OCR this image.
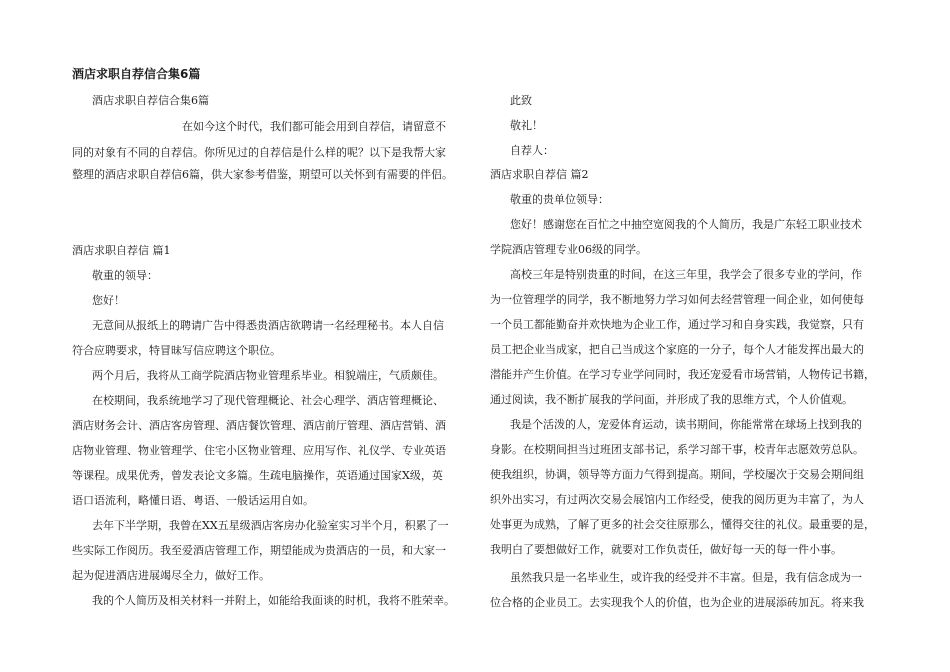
酒店求职自荐信合集6篇
酒店求职自荐信合集6篇
在如今这个时代，我们都可能会用到自荐信，请留意不
同的对象有不同的自荐信。你所见过的自荐信是什么样的呢？以下是我帮大家
整理的酒店求职自荐信6篇，供大家参考借鉴，期望可以关怀到有需要的伴侣。
酒店求职自荐信 篇1
敬重的领导：
您好！
无意间从报纸上的聘请广告中得悉贵酒店欲聘请一名经理秘书。本人自信
符合应聘要求，特冒昧写信应聘这个职位。
两个月后，我将从工商学院酒店物业管理系毕业。相貌端庄，气质颇佳。
在校期间，我系统地学习了现代管理概论、社会心理学、酒店管理概论、
酒店财务会计、酒店客房管理、酒店餐饮管理、酒店前厅管理、酒店营销、酒
店物业管理、物业管理学、住宅小区物业管理、应用写作、礼仪学、专业英语
等课程。成果优秀，曾发表论文多篇。生疏电脑操作，英语通过国家X级，英
语口语流利，略懂日语、粤语、一般话运用自如。
去年下半学期，我曾在XX五星级酒店客房办化验室实习半个月，积累了一
些实际工作阅历。我至爱酒店管理工作，期望能成为贵酒店的一员，和大家一
起为促进酒店进展竭尽全力，做好工作。
我的个人简历及相关材料一并附上，如能给我面谈的时机，我将不胜荣幸。
此致
敬礼！
自荐人：
酒店求职自荐信 篇2
敬重的贵单位领导：
您好！感谢您在百忙之中抽空宽阅我的个人简历，我是广东轻工职业技术
学院酒店管理专业06级的同学。
高校三年是特别贵重的时间，在这三年里，我学会了很多专业的学问，作
为一位管理学的同学，我不断地努力学习如何去经营管理一间企业，如何使每
一个员工都能勤奋并欢快地为企业工作，通过学习和自身实践，我觉察，只有
员工把企业当成家，把自己当成这个家庭的一分子，每个人才能发挥出最大的
潜能并产生价值。在学习专业学问同时，我还宠爱看市场营销，人物传记书籍，
通过阅读，我不断扩展我的学问面，并形成了我的思维方式，个人价值观。
我是个活泼的人，宠爱体育运动，读书期间，你能常常在球场上找到我的
身影。在校期间担当过班团支部书记，系学习部干事，校青年志愿效劳总队。
使我组织，协调，领导等方面力气得到提高。期间，学校屡次于交易会期间组
织外出实习，有过两次交易会展馆内工作经受，使我的阅历更为丰富了，为人
处事更为成熟，了解了更多的社会交往原那么，懂得交往的礼仪。最重要的是，
我明白了要想做好工作，就要对工作负责任，做好每一天的每一件小事。
虽然我只是一名毕业生，或许我的经受并不丰富。但是，我有信念成为一
位合格的企业员工。去实现我个人的价值，也为企业的进展添砖加瓦。将来我
